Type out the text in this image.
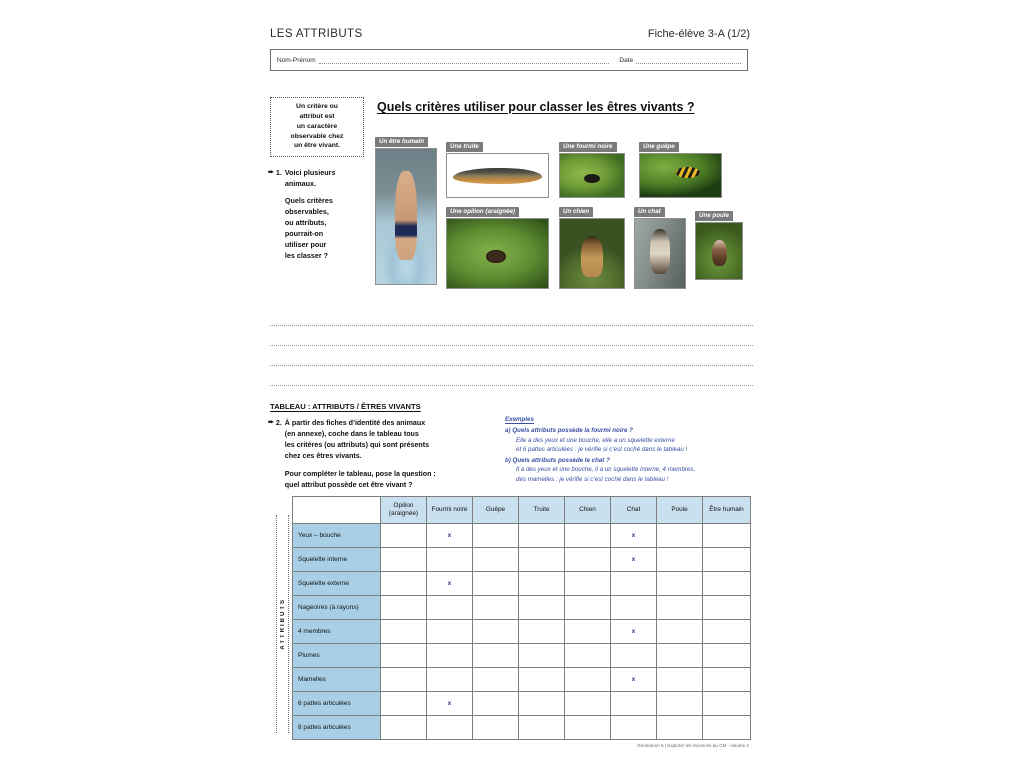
LES ATTRIBUTS	Fiche-élève 3-A (1/2)
Nom-Prénom	Date
Un critère ou
attribut est
un caractère
observable chez
un être vivant.
➨ 1. Voici plusieurs

animaux.

Quels critères

observables,

ou attributs,

pourrait-on

utiliser pour

les classer ?

Quels critères utiliser pour classer les êtres vivants ?
Un être humain
Une truite	Une fourmi noire	Une guêpe
Une opilion (araignée)	Un chien	Un chat
Une poule
TABLEAU : ATTRIBUTS / ÊTRES VIVANTS
➨ 2. À partir des fiches d’identité des animaux

(en annexe), coche dans le tableau tous

les critères (ou attributs) qui sont présents

chez ces êtres vivants.

Pour compléter le tableau, pose la question :

quel attribut possède cet être vivant ?

Exemples
a) Quels attributs possède la fourmi noire ?
Elle a des yeux et une bouche, elle a un squelette externe
et 6 pattes articulées : je vérifie si c’est coché dans le tableau !
b) Quels attributs possède le chat ?
Il a des yeux et une bouche, il a un squelette interne, 4 membres,
des mamelles : je vérifie si c’est coché dans le tableau !
ATTRIBUTS
	Opilion (araignée)	Fourmi noire	Guêpe	Truite	Chien	Chat	Poule	Être humain
Yeux – bouche		x				x		
Squelette interne						x		
Squelette externe		x						
Nageoires (à rayons)								
4 membres						x		
Plumes								
Mamelles						x		
6 pattes articulées		x						
8 pattes articulées								
Génération 5 | Explorer les Sciences au CM - volume 2
